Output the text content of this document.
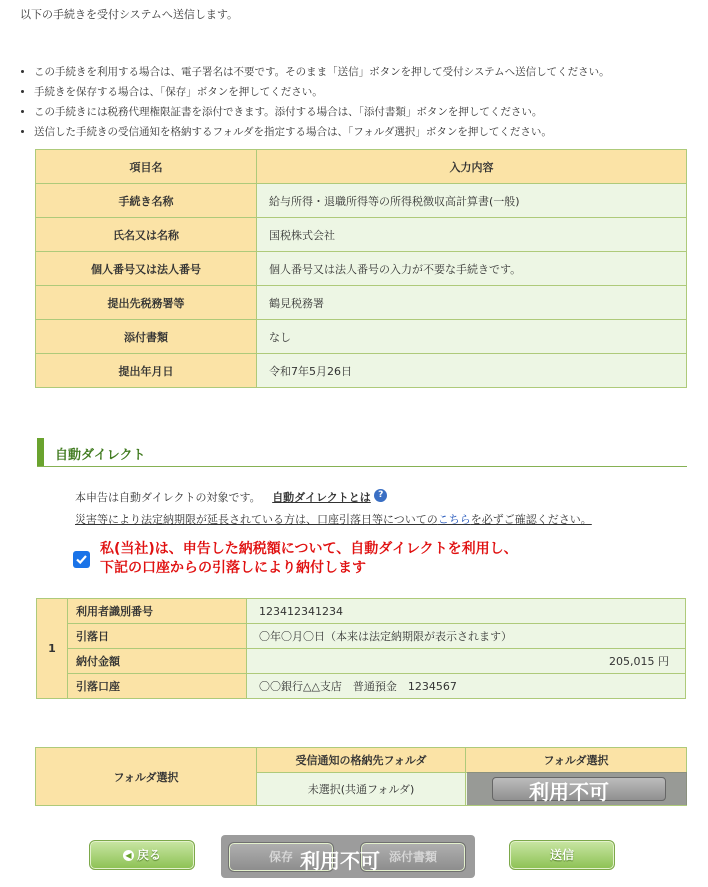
以下の手続きを受付システムへ送信します。
• この手続きを利用する場合は、電子署名は不要です。そのまま「送信」ボタンを押して受付システムへ送信してください。
• 手続きを保存する場合は、「保存」ボタンを押してください。
• この手続きには税務代理権限証書を添付できます。添付する場合は、「添付書類」ボタンを押してください。
• 送信した手続きの受信通知を格納するフォルダを指定する場合は、「フォルダ選択」ボタンを押してください。
項目名	入力内容
手続き名称	給与所得・退職所得等の所得税徴収高計算書(一般)
氏名又は名称	国税株式会社
個人番号又は法人番号	個人番号又は法人番号の入力が不要な手続きです。
提出先税務署等	鶴見税務署
添付書類	なし
提出年月日	令和7年5月26日
自動ダイレクト
本申告は自動ダイレクトの対象です。 自動ダイレクトとは ?
災害等により法定納期限が延長されている方は、口座引落日等についてのこちらを必ずご確認ください。
私(当社)は、申告した納税額について、自動ダイレクトを利用し、
下記の口座からの引落しにより納付します
1	利用者識別番号	123412341234
	引落日	〇年〇月〇日（本来は法定納期限が表示されます）
	納付金額	205,015 円
	引落口座	〇〇銀行△△支店　普通預金　1234567
フォルダ選択	受信通知の格納先フォルダ	フォルダ選択
	未選択(共通フォルダ)		利用不可
◀ 戻る	保存	添付書類
利用不可	送信
